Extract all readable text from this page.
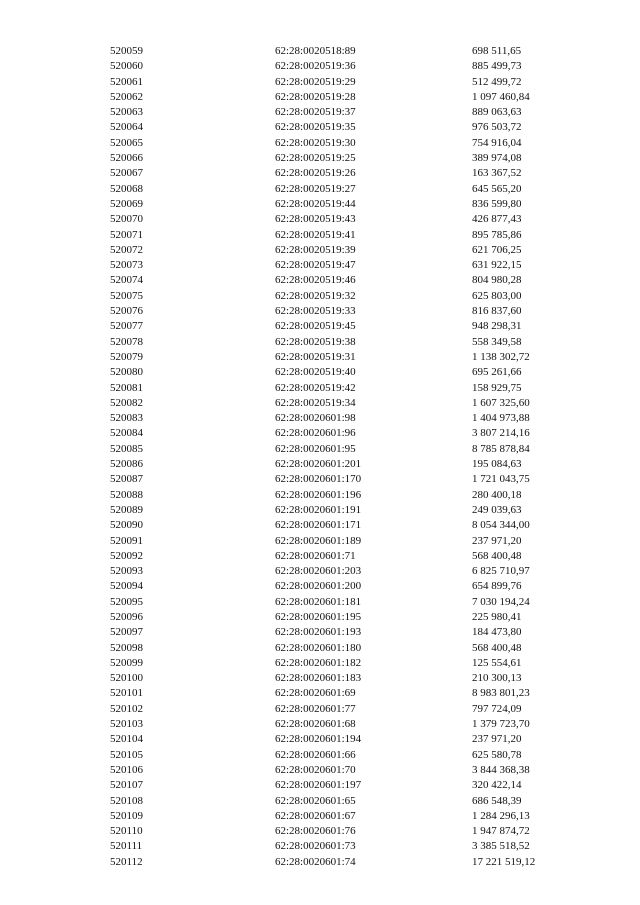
520059	62:28:0020518:89	698 511,65
520060	62:28:0020519:36	885 499,73
520061	62:28:0020519:29	512 499,72
520062	62:28:0020519:28	1 097 460,84
520063	62:28:0020519:37	889 063,63
520064	62:28:0020519:35	976 503,72
520065	62:28:0020519:30	754 916,04
520066	62:28:0020519:25	389 974,08
520067	62:28:0020519:26	163 367,52
520068	62:28:0020519:27	645 565,20
520069	62:28:0020519:44	836 599,80
520070	62:28:0020519:43	426 877,43
520071	62:28:0020519:41	895 785,86
520072	62:28:0020519:39	621 706,25
520073	62:28:0020519:47	631 922,15
520074	62:28:0020519:46	804 980,28
520075	62:28:0020519:32	625 803,00
520076	62:28:0020519:33	816 837,60
520077	62:28:0020519:45	948 298,31
520078	62:28:0020519:38	558 349,58
520079	62:28:0020519:31	1 138 302,72
520080	62:28:0020519:40	695 261,66
520081	62:28:0020519:42	158 929,75
520082	62:28:0020519:34	1 607 325,60
520083	62:28:0020601:98	1 404 973,88
520084	62:28:0020601:96	3 807 214,16
520085	62:28:0020601:95	8 785 878,84
520086	62:28:0020601:201	195 084,63
520087	62:28:0020601:170	1 721 043,75
520088	62:28:0020601:196	280 400,18
520089	62:28:0020601:191	249 039,63
520090	62:28:0020601:171	8 054 344,00
520091	62:28:0020601:189	237 971,20
520092	62:28:0020601:71	568 400,48
520093	62:28:0020601:203	6 825 710,97
520094	62:28:0020601:200	654 899,76
520095	62:28:0020601:181	7 030 194,24
520096	62:28:0020601:195	225 980,41
520097	62:28:0020601:193	184 473,80
520098	62:28:0020601:180	568 400,48
520099	62:28:0020601:182	125 554,61
520100	62:28:0020601:183	210 300,13
520101	62:28:0020601:69	8 983 801,23
520102	62:28:0020601:77	797 724,09
520103	62:28:0020601:68	1 379 723,70
520104	62:28:0020601:194	237 971,20
520105	62:28:0020601:66	625 580,78
520106	62:28:0020601:70	3 844 368,38
520107	62:28:0020601:197	320 422,14
520108	62:28:0020601:65	686 548,39
520109	62:28:0020601:67	1 284 296,13
520110	62:28:0020601:76	1 947 874,72
520111	62:28:0020601:73	3 385 518,52
520112	62:28:0020601:74	17 221 519,12
